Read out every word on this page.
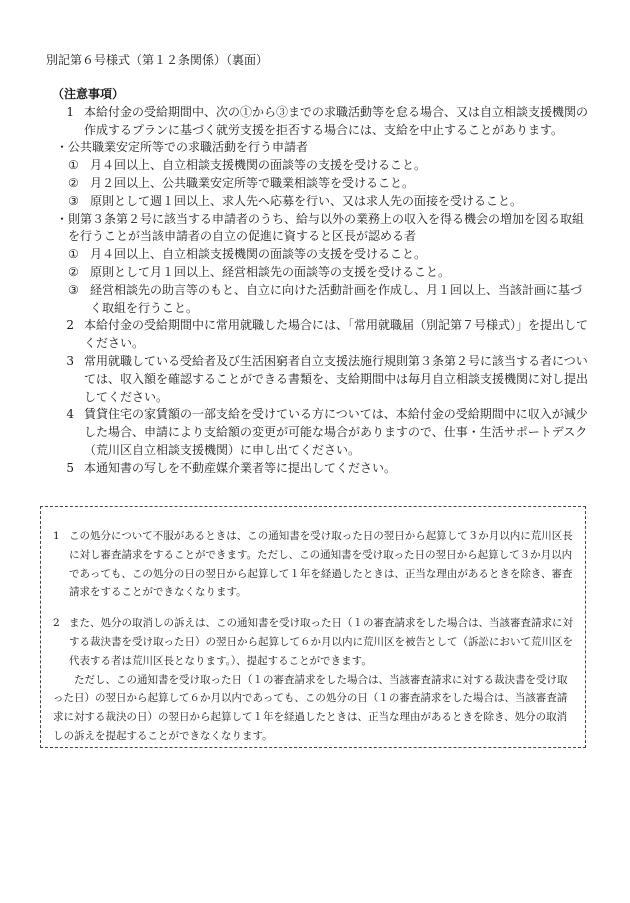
別記第６号様式（第１２条関係）（裏面）
（注意事項）
1 本給付金の受給期間中、次の①から③までの求職活動等を怠る場合、又は自立相談支援機関の作成するプランに基づく就労支援を拒否する場合には、支給を中止することがあります。
・ 公共職業安定所等での求職活動を行う申請者
① 月４回以上、自立相談支援機関の面談等の支援を受けること。
② 月２回以上、公共職業安定所等で職業相談等を受けること。
③ 原則として週１回以上、求人先へ応募を行い、又は求人先の面接を受けること。
・ 則第３条第２号に該当する申請者のうち、給与以外の業務上の収入を得る機会の増加を図る取組を行うことが当該申請者の自立の促進に資すると区長が認める者
① 月４回以上、自立相談支援機関の面談等の支援を受けること。
② 原則として月１回以上、経営相談先の面談等の支援を受けること。
③ 経営相談先の助言等のもと、自立に向けた活動計画を作成し、月１回以上、当該計画に基づく取組を行うこと。
2 本給付金の受給期間中に常用就職した場合には、「常用就職届（別記第７号様式）」を提出してください。
3 常用就職している受給者及び生活困窮者自立支援法施行規則第３条第２号に該当する者については、収入額を確認することができる書類を、支給期間中は毎月自立相談支援機関に対し提出してください。
4 賃貸住宅の家賃額の一部支給を受けている方については、本給付金の受給期間中に収入が減少した場合、申請により支給額の変更が可能な場合がありますので、仕事・生活サポートデスク（荒川区自立相談支援機関）に申し出てください。
5 本通知書の写しを不動産媒介業者等に提出してください。
1 この処分について不服があるときは、この通知書を受け取った日の翌日から起算して３か月以内に荒川区長に対し審査請求をすることができます。ただし、この通知書を受け取った日の翌日から起算して３か月以内であっても、この処分の日の翌日から起算して１年を経過したときは、正当な理由があるときを除き、審査請求をすることができなくなります。
2 また、処分の取消しの訴えは、この通知書を受け取った日（１の審査請求をした場合は、当該審査請求に対する裁決書を受け取った日）の翌日から起算して６か月以内に荒川区を被告として（訴訟において荒川区を代表する者は荒川区長となります。）、提起することができます。
ただし、この通知書を受け取った日（１の審査請求をした場合は、当該審査請求に対する裁決書を受け取った日）の翌日から起算して６か月以内であっても、この処分の日（１の審査請求をした場合は、当該審査請求に対する裁決の日）の翌日から起算して１年を経過したときは、正当な理由があるときを除き、処分の取消しの訴えを提起することができなくなります。
